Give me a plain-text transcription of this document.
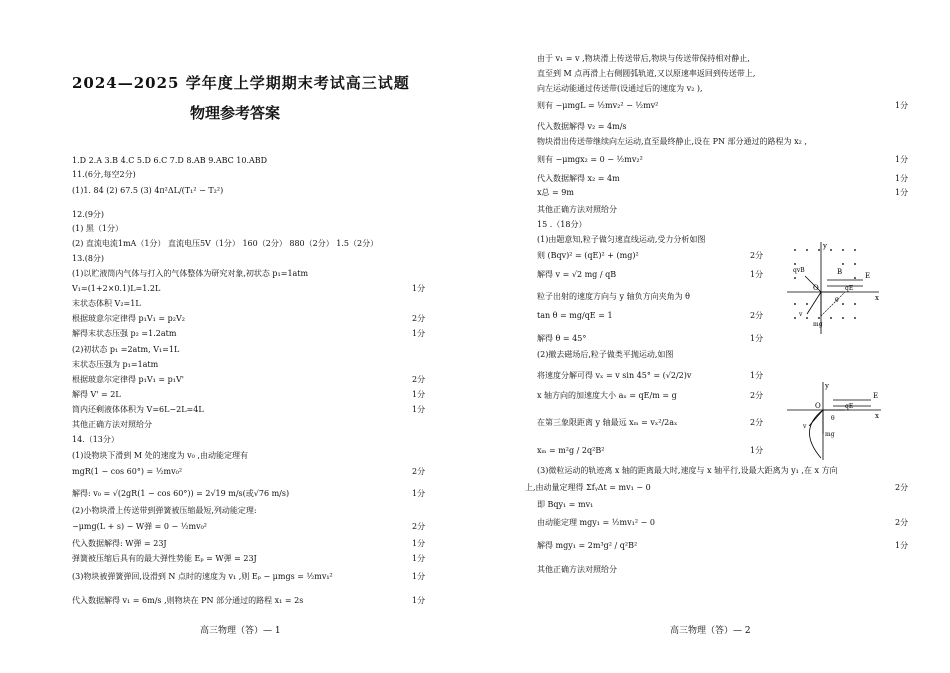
2024—2025 学年度上学期期末考试高三试题
物理参考答案
1.D 2.A 3.B 4.C 5.D 6.C 7.D 8.AB 9.ABC 10.ABD
11.(6分,每空2分)
(1)1. 84 (2) 67.5 (3) 4π²ΔL/(T₁² − T₂²)
12.(9分)
(1) 黑（1分）
(2) 直流电流1mA（1分） 直流电压5V（1分） 160（2分） 880（2分） 1.5（2分）
13.(8分)
(1)以贮液筒内气体与打入的气体整体为研究对象,初状态 p₁=1atm
V₁=(1+2×0.1)L=1.2L	1分
末状态体积 V₂=1L
根据玻意尔定律得 p₁V₁ = p₂V₂	2分
解得末状态压强 p₂ =1.2atm	1分
(2)初状态 p₁ =2atm, V₁=1L
末状态压强为 p₁=1atm
根据玻意尔定律得 p₁V₁ = p₁V'	2分
解得 V' = 2L	1分
筒内还剩液体体积为 V=6L−2L=4L	1分
其他正确方法对照给分
14.（13分）
(1)设物块下滑到 M 处的速度为 v₀ ,由动能定理有
mgR(1 − cos 60°) = ½mv₀²	2分
解得: v₀ = √(2gR(1 − cos 60°)) = 2√19 m/s(或√76 m/s)	1分
(2)小物块滑上传送带到弹簧被压缩最短,列动能定理:
−μmg(L + s) − W弹 = 0 − ½mv₀²	2分
代入数据解得: W弹 = 23J	1分
弹簧被压缩后具有的最大弹性势能 Eₚ = W弹 = 23J	1分
(3)物块被弹簧弹回,设滑到 N 点时的速度为 v₁ ,则 Eₚ − μmgs = ½mv₁²	1分
代入数据解得 v₁ = 6m/s ,则物块在 PN 部分通过的路程 x₁ = 2s	1分
高三物理（答）— 1
由于 v₁ = v ,物块滑上传送带后,物块与传送带保持相对静止,
直至到 M 点再滑上右侧圆弧轨道,又以原速率返回到传送带上,
向左运动能通过传送带(设通过后的速度为 v₂ ),
则有 −μmgL = ½mv₂² − ½mv²	1分
代入数据解得 v₂ = 4m/s
物块滑出传送带继续向左运动,直至最终静止,设在 PN 部分通过的路程为 x₂ ,
则有 −μmgx₂ = 0 − ½mv₂²	1分
代入数据解得 x₂ = 4m	1分
x总 = 9m	1分
其他正确方法对照给分
15 .（18分）
(1)由题意知,粒子做匀速直线运动,受力分析如图
则 (Bqv)² = (qE)² + (mg)²	2分
解得 v = √2 mg / qB	1分
粒子出射的速度方向与 y 轴负方向夹角为 θ
tan θ = mg/qE = 1	2分
解得 θ = 45°	1分
(2)撤去磁场后,粒子做类平抛运动,如图
将速度分解可得 vₓ = v sin 45° = (√2/2)v	1分
x 轴方向的加速度大小 aₓ = qE/m = g	2分
在第三象限距离 y 轴最远 xₘ = vₓ²/2aₓ	2分
xₘ = m²g / 2q²B²	1分
(3)微粒运动的轨迹离 x 轴的距离最大时,速度与 x 轴平行,设最大距离为 y₁ ,在 x 方向
上,由动量定理得 ΣfᵧΔt = mv₁ − 0	2分
即 Bqy₁ = mv₁
由动能定理 mgy₁ = ½mv₁² − 0	2分
解得 mgy₁ = 2m³g² / q²B²	1分
其他正确方法对照给分
y
x
O
B	E
qvB
qE
mg
v
θ
y
x
O
E
qE
mg
v
θ
高三物理（答）— 2
